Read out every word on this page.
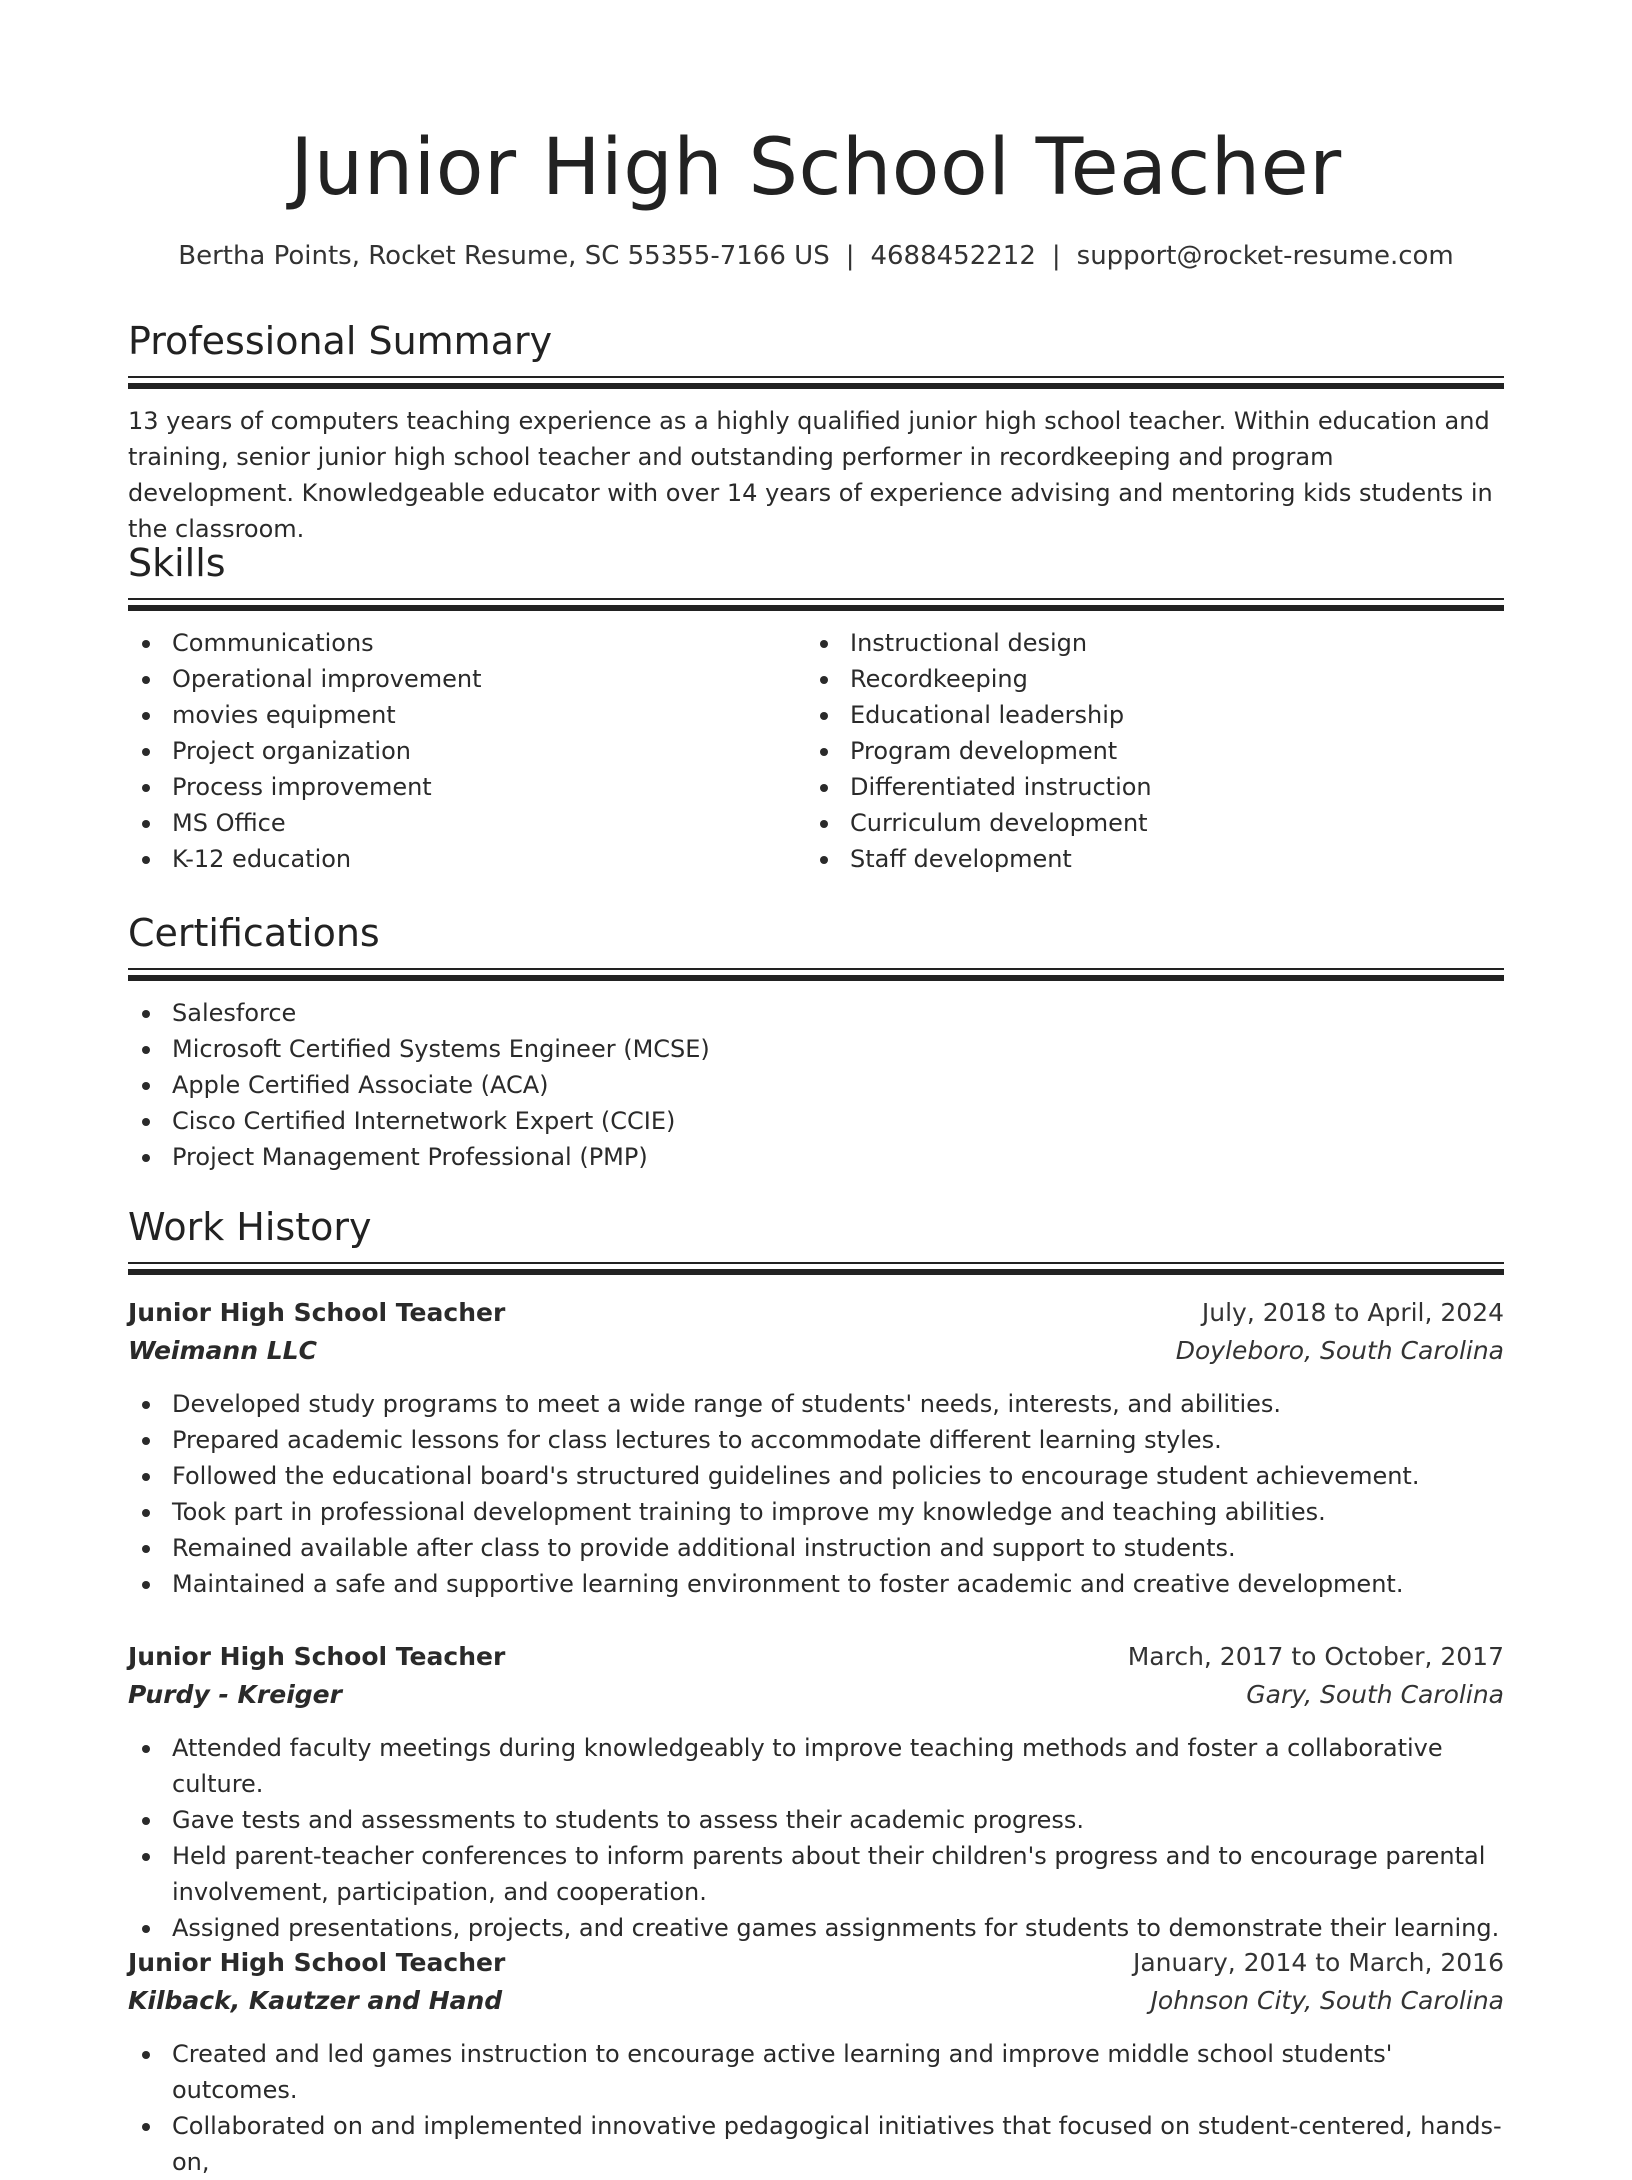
Junior High School Teacher
Bertha Points, Rocket Resume, SC 55355-7166 US | 4688452212 | support@rocket-resume.com
Professional Summary
13 years of computers teaching experience as a highly qualified junior high school teacher. Within education and training, senior junior high school teacher and outstanding performer in recordkeeping and program development. Knowledgeable educator with over 14 years of experience advising and mentoring kids students in the classroom.
Skills
Communications
Operational improvement
movies equipment
Project organization
Process improvement
MS Office
K-12 education
Instructional design
Recordkeeping
Educational leadership
Program development
Differentiated instruction
Curriculum development
Staff development
Certifications
Salesforce
Microsoft Certified Systems Engineer (MCSE)
Apple Certified Associate (ACA)
Cisco Certified Internetwork Expert (CCIE)
Project Management Professional (PMP)
Work History
Junior High School Teacher	July, 2018 to April, 2024
Weimann LLC	Doyleboro, South Carolina
Developed study programs to meet a wide range of students' needs, interests, and abilities.
Prepared academic lessons for class lectures to accommodate different learning styles.
Followed the educational board's structured guidelines and policies to encourage student achievement.
Took part in professional development training to improve my knowledge and teaching abilities.
Remained available after class to provide additional instruction and support to students.
Maintained a safe and supportive learning environment to foster academic and creative development.
Junior High School Teacher	March, 2017 to October, 2017
Purdy - Kreiger	Gary, South Carolina
Attended faculty meetings during knowledgeably to improve teaching methods and foster a collaborative culture.
Gave tests and assessments to students to assess their academic progress.
Held parent-teacher conferences to inform parents about their children's progress and to encourage parental involvement, participation, and cooperation.
Assigned presentations, projects, and creative games assignments for students to demonstrate their learning.
Junior High School Teacher	January, 2014 to March, 2016
Kilback, Kautzer and Hand	Johnson City, South Carolina
Created and led games instruction to encourage active learning and improve middle school students' outcomes.
Collaborated on and implemented innovative pedagogical initiatives that focused on student-centered, hands-on,
